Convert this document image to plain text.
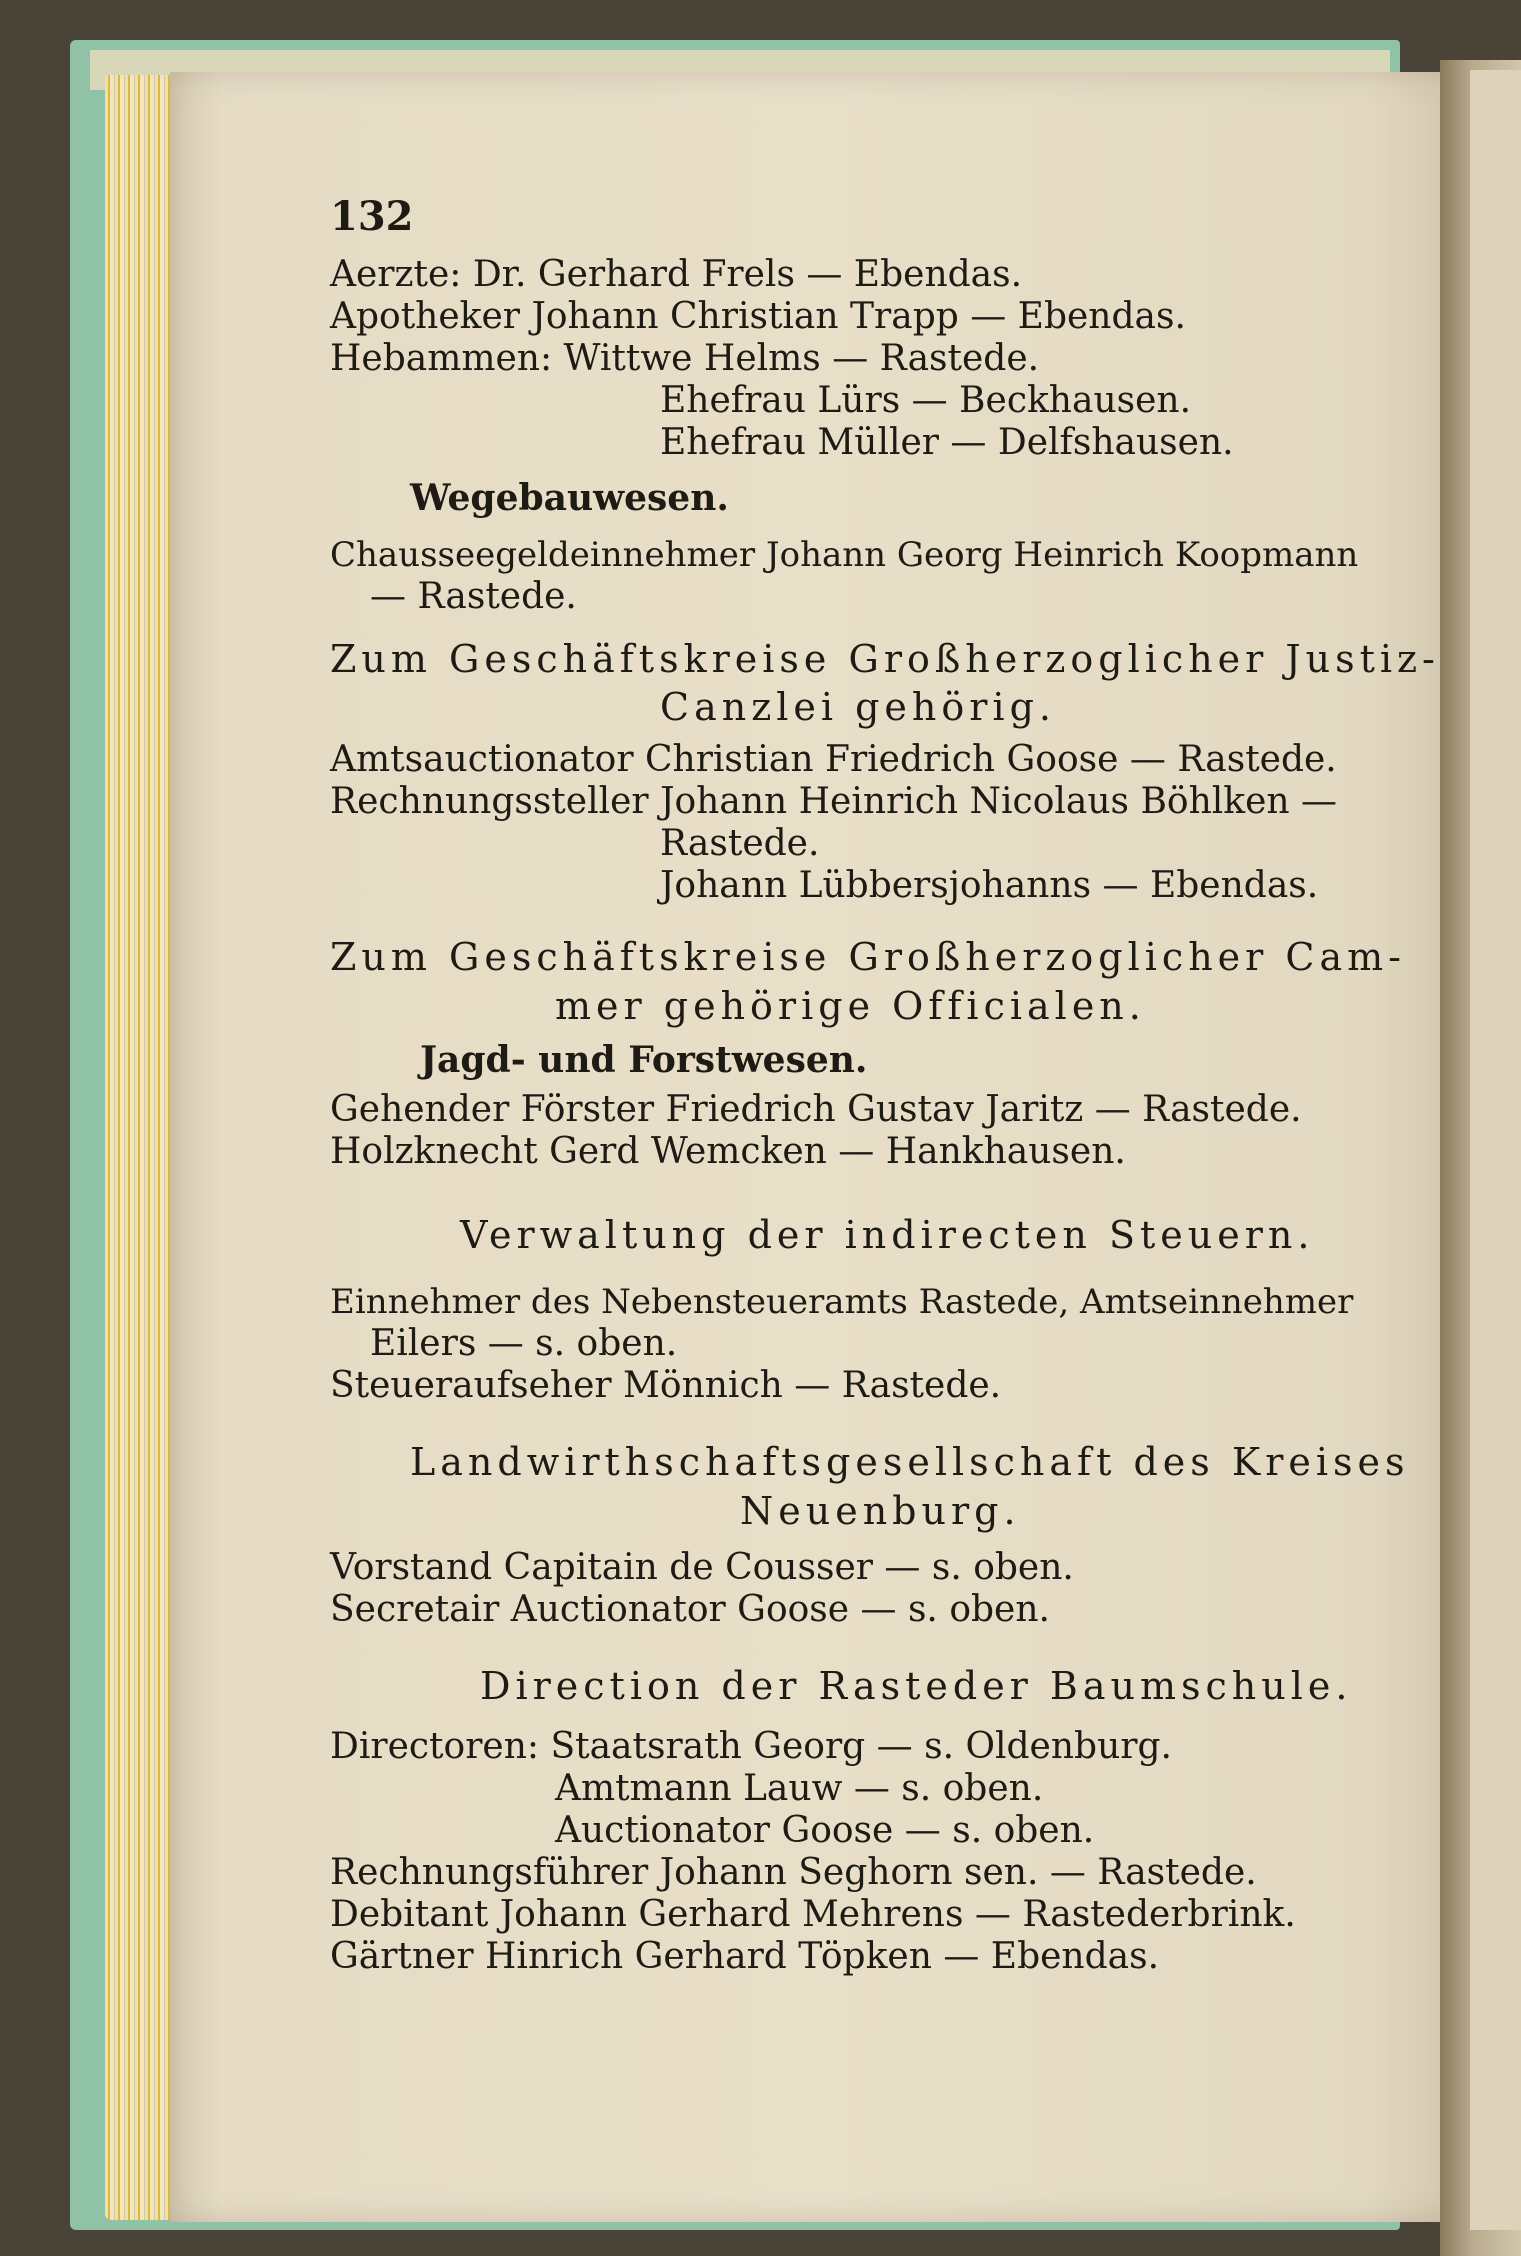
132
Aerzte: Dr. Gerhard Frels — Ebendas.
Apotheker Johann Christian Trapp — Ebendas.
Hebammen: Wittwe Helms — Rastede.
Ehefrau Lürs — Beckhausen.
Ehefrau Müller — Delfshausen.
Wegebauwesen.
Chausseegeldeinnehmer Johann Georg Heinrich Koopmann
— Rastede.
Zum Geschäftskreise Großherzoglicher Justiz-
Canzlei gehörig.
Amtsauctionator Christian Friedrich Goose — Rastede.
Rechnungssteller Johann Heinrich Nicolaus Böhlken —
Rastede.
Johann Lübbersjohanns — Ebendas.
Zum Geschäftskreise Großherzoglicher Cam-
mer gehörige Officialen.
Jagd- und Forstwesen.
Gehender Förster Friedrich Gustav Jaritz — Rastede.
Holzknecht Gerd Wemcken — Hankhausen.
Verwaltung der indirecten Steuern.
Einnehmer des Nebensteueramts Rastede, Amtseinnehmer
Eilers — s. oben.
Steueraufseher Mönnich — Rastede.
Landwirthschaftsgesellschaft des Kreises
Neuenburg.
Vorstand Capitain de Cousser — s. oben.
Secretair Auctionator Goose — s. oben.
Direction der Rasteder Baumschule.
Directoren: Staatsrath Georg — s. Oldenburg.
Amtmann Lauw — s. oben.
Auctionator Goose — s. oben.
Rechnungsführer Johann Seghorn sen. — Rastede.
Debitant Johann Gerhard Mehrens — Rastederbrink.
Gärtner Hinrich Gerhard Töpken — Ebendas.
